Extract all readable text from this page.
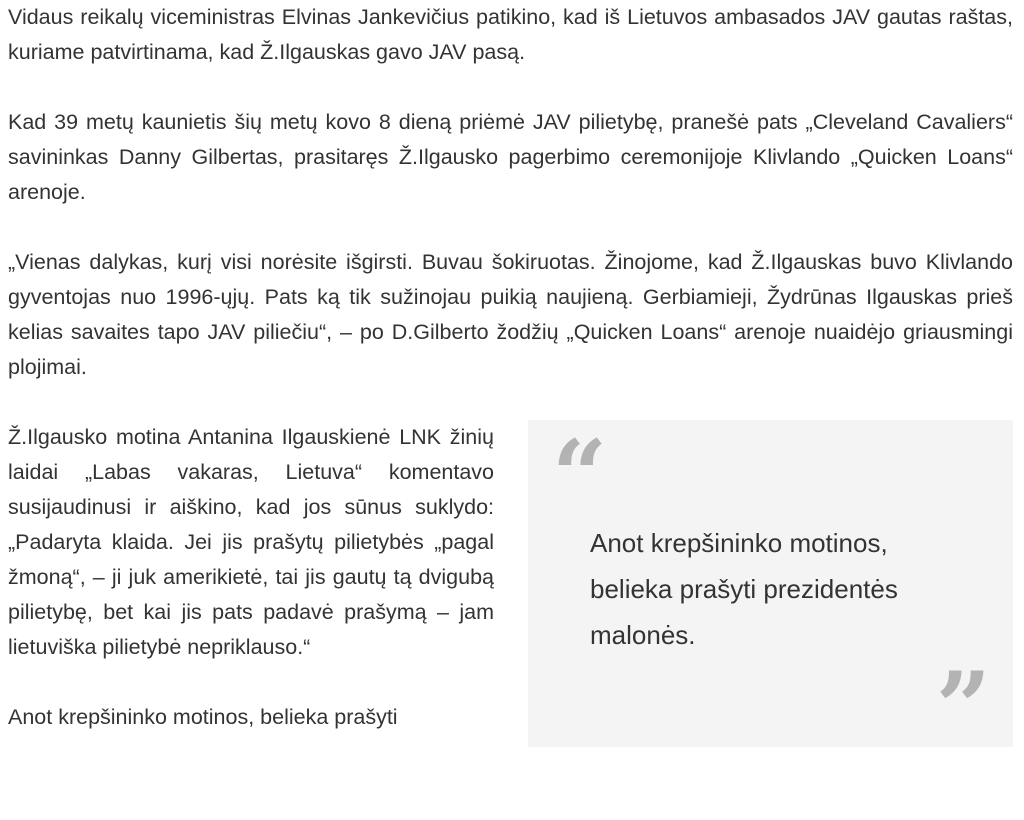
Vidaus reikalų viceministras Elvinas Jankevičius patikino, kad iš Lietuvos ambasados JAV gautas raštas, kuriame patvirtinama, kad Ž.Ilgauskas gavo JAV pasą.

Kad 39 metų kaunietis šių metų kovo 8 dieną priėmė JAV pilietybę, pranešė pats „Cleveland Cavaliers“ savininkas Danny Gilbertas, prasitaręs Ž.Ilgausko pagerbimo ceremonijoje Klivlando „Quicken Loans“ arenoje.

„Vienas dalykas, kurį visi norėsite išgirsti. Buvau šokiruotas. Žinojome, kad Ž.Ilgauskas buvo Klivlando gyventojas nuo 1996-ųjų. Pats ką tik sužinojau puikią naujieną. Gerbiamieji, Žydrūnas Ilgauskas prieš kelias savaites tapo JAV piliečiu“, – po D.Gilberto žodžių „Quicken Loans“ arenoje nuaidėjo griausmingi plojimai.

Ž.Ilgausko motina Antanina Ilgauskienė LNK žinių laidai „Labas vakaras, Lietuva“ komentavo susijaudinusi ir aiškino, kad jos sūnus suklydo: „Padaryta klaida. Jei jis prašytų pilietybės „pagal žmoną“, – ji juk amerikietė, tai jis gautų tą dvigubą pilietybę, bet kai jis pats padavė prašymą – jam lietuviška pilietybė nepriklauso.“

Anot krepšininko motinos, belieka prašyti

“
Anot krepšininko motinos, belieka prašyti prezidentės malonės.
”
